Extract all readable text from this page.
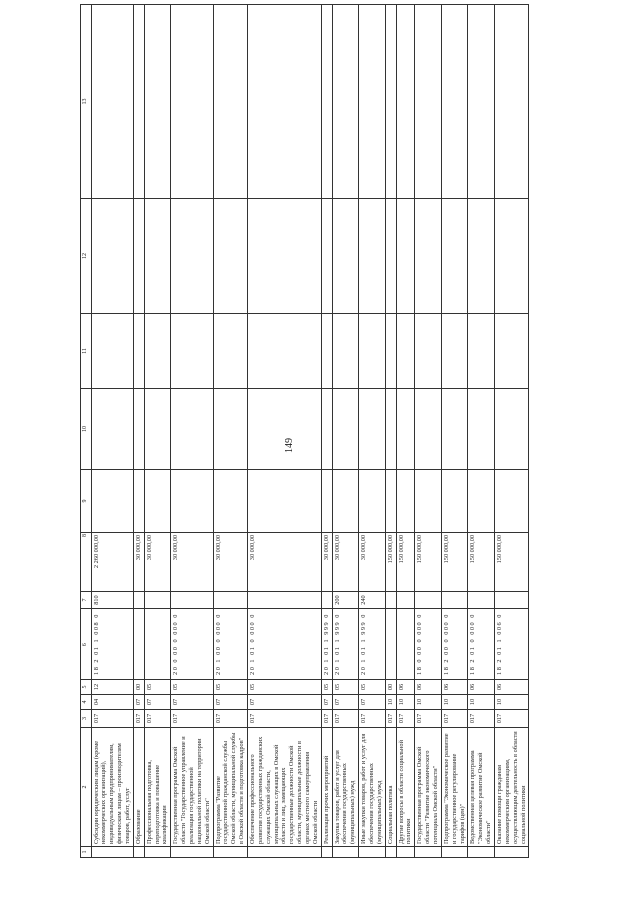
149
1	2	3	4	5	6	7	8	9	10	11	12	13
	Субсидии юридическим лицам (кроме некоммерческих организаций), индивидуальным предпринимателям, физическим лицам – производителям товаров, работ, услуг	017	04	12	18 2 01 1 008 0	810	2 260 000,00					
	Образование	017	07	00			30 000,00					
	Профессиональная подготовка, переподготовка и повышение квалификации	017	07	05			30 000,00					
	Государственная программа Омской области "Государственное управление и реализация государственной национальной политики на территории Омской области"	017	07	05	20 0 00 0 000 0		30 000,00					
	Подпрограмма "Развитие государственной гражданской службы Омской области, муниципальной службы в Омской области и подготовка кадров"	017	07	05	20 1 00 0 000 0		30 000,00					
	Обеспечение профессионального развития государственных гражданских служащих Омской области, муниципальных служащих в Омской области и лиц, замещающих государственные должности Омской области, муниципальные должности в органах местного самоуправления Омской области	017	07	05	20 1 01 0 000 0		30 000,00					
	Реализация прочих мероприятий	017	07	05	20 1 01 1 999 0		30 000,00					
	Закупка товаров, работ и услуг для обеспечения государственных (муниципальных) нужд	017	07	05	20 1 01 1 999 0	200	30 000,00					
	Иные закупки товаров, работ и услуг для обеспечения государственных (муниципальных) нужд	017	07	05	20 1 01 1 999 0	240	30 000,00					
	Социальная политика	017	10	00			150 000,00					
	Другие вопросы в области социальной политики	017	10	06			150 000,00					
	Государственная программа Омской области "Развитие экономического потенциала Омской области"	017	10	06	18 0 00 0 000 0		150 000,00					
	Подпрограмма "Экономическое развитие и государственное регулирование тарифов (цен)"	017	10	06	18 2 00 0 000 0		150 000,00					
	Ведомственная целевая программа "Экономическое развитие Омской области"	017	10	06	18 2 01 0 000 0		150 000,00					
	Оказание помощи гражданам некоммерческим организациям, осуществляющим деятельность в области социальной политики	017	10	06	18 2 01 1 006 0		150 000,00					
